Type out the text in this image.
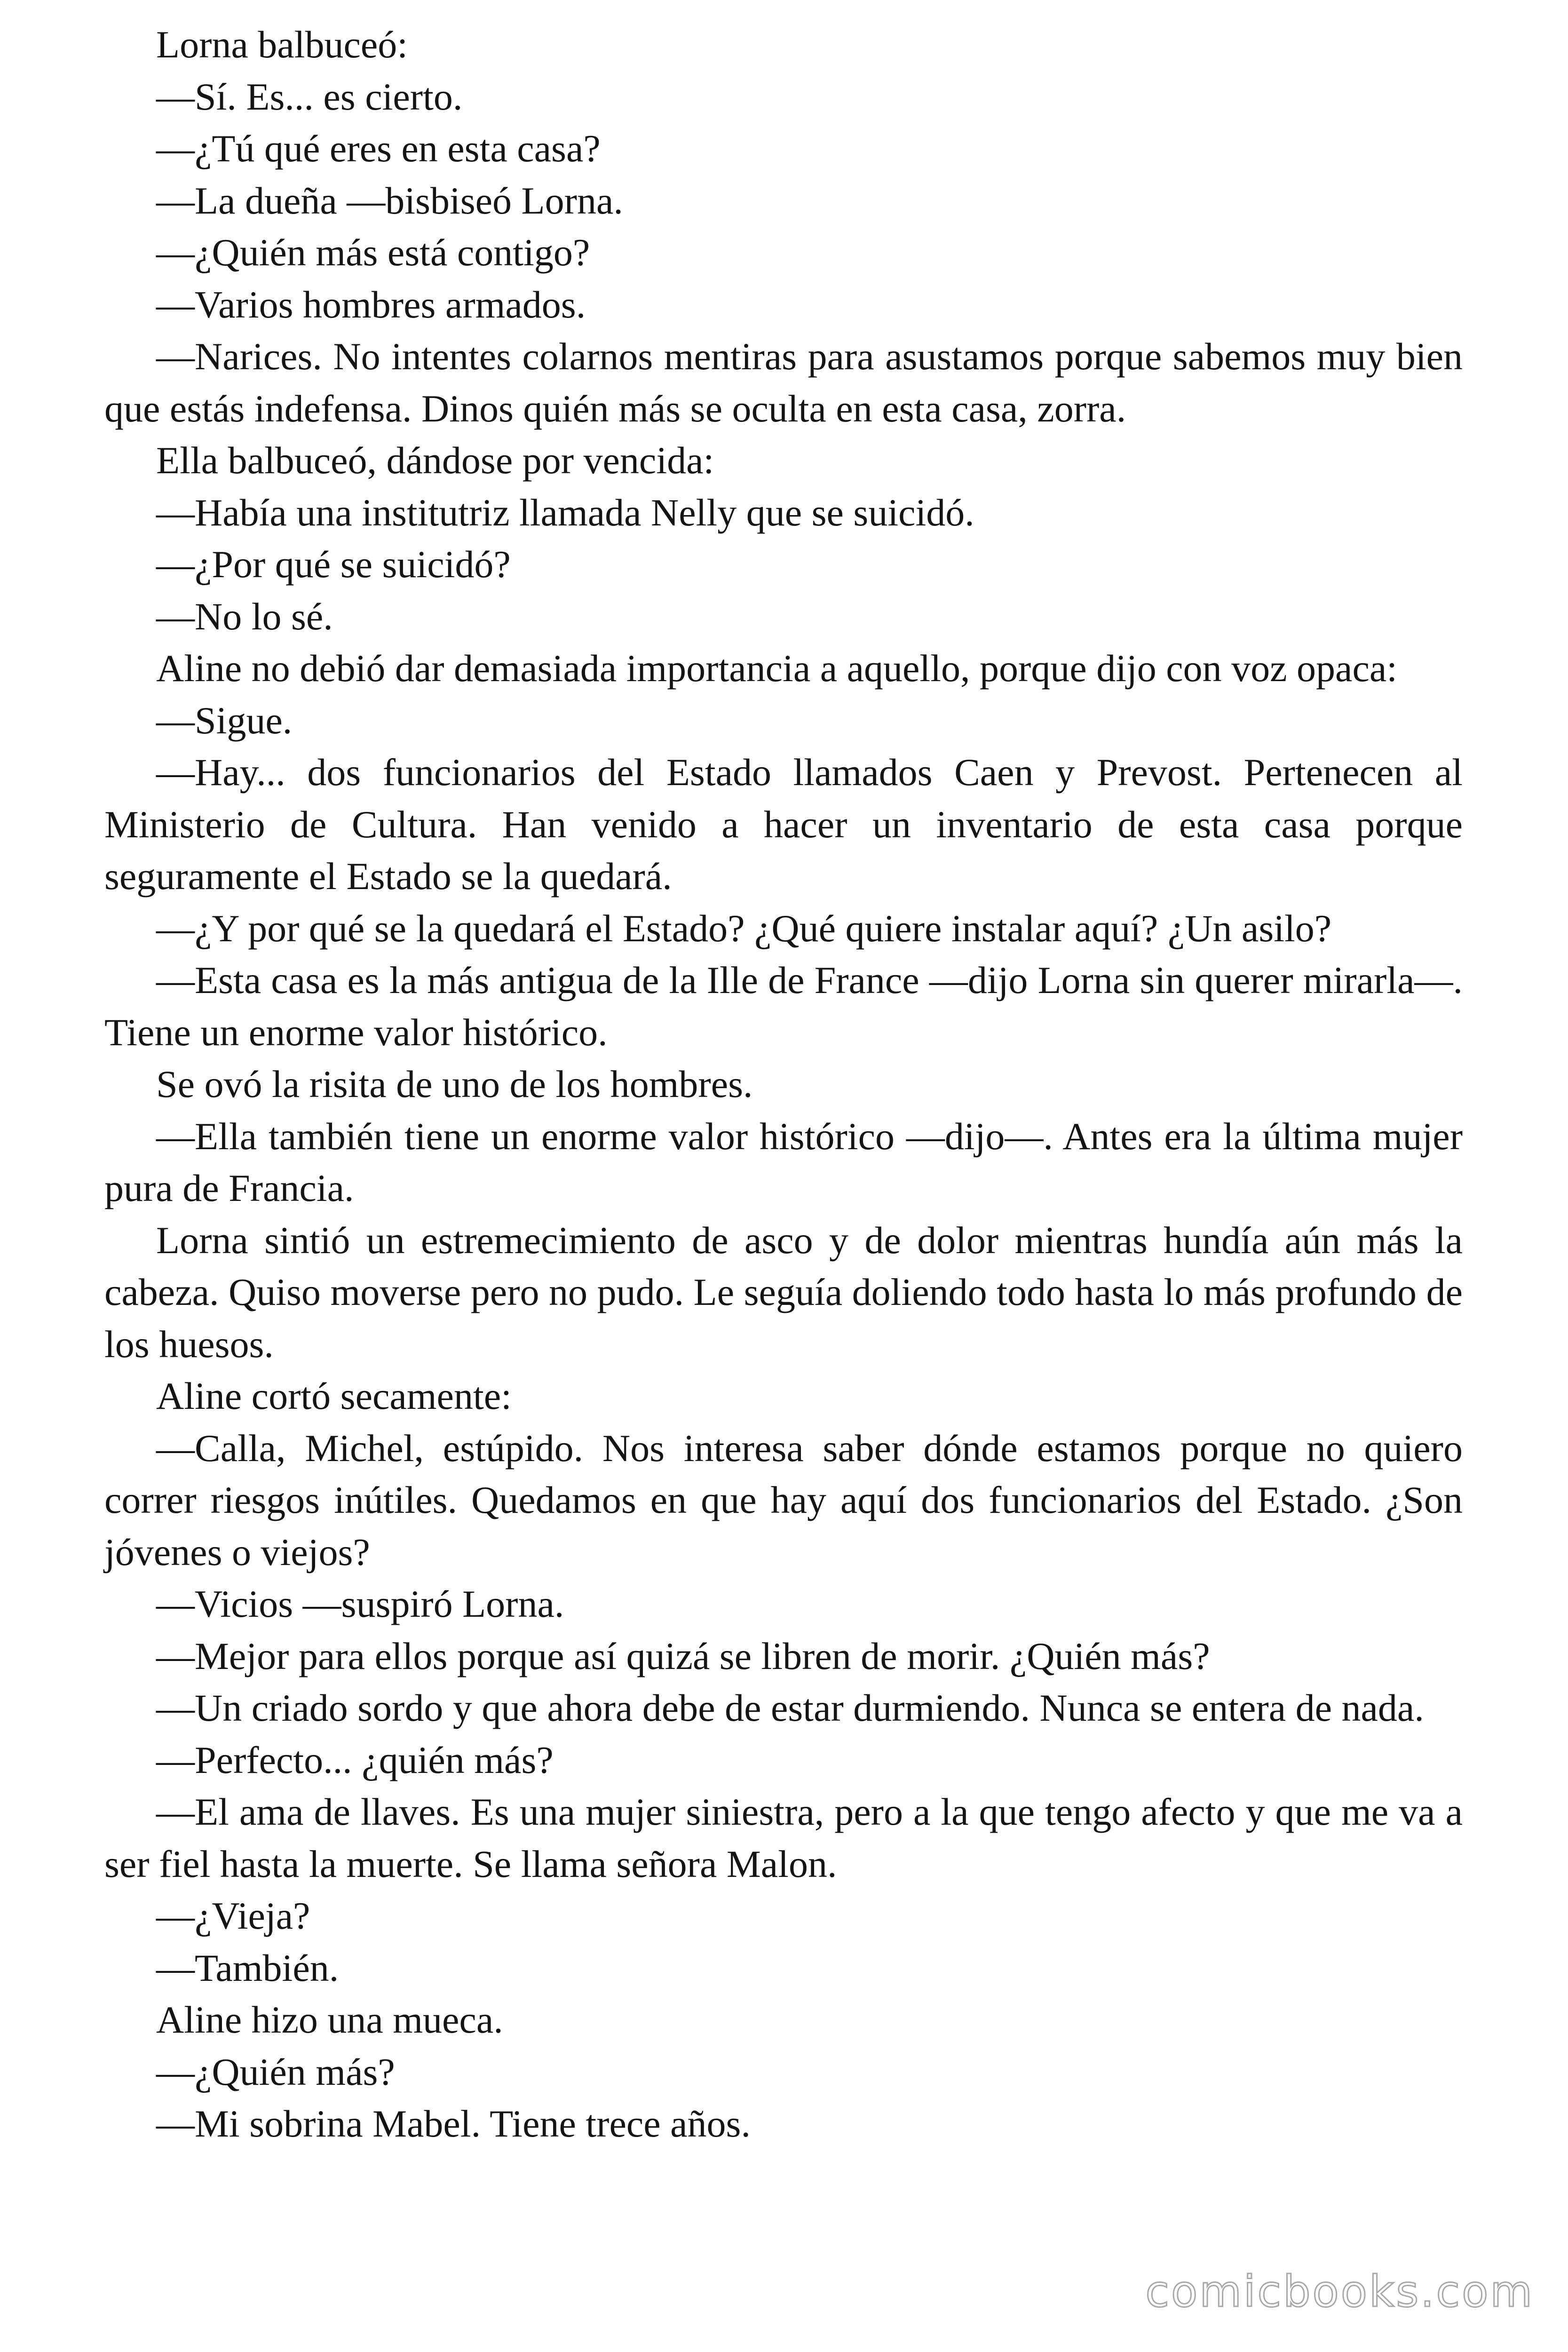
Lorna balbuceó:

—Sí. Es... es cierto.

—¿Tú qué eres en esta casa?

—La dueña —bisbiseó Lorna.

—¿Quién más está contigo?

—Varios hombres armados.

—Narices. No intentes colarnos mentiras para asustamos porque sabemos muy bien que estás indefensa. Dinos quién más se oculta en esta casa, zorra.

Ella balbuceó, dándose por vencida:

—Había una institutriz llamada Nelly que se suicidó.

—¿Por qué se suicidó?

—No lo sé.

Aline no debió dar demasiada importancia a aquello, porque dijo con voz opaca:

—Sigue.

—Hay... dos funcionarios del Estado llamados Caen y Prevost. Pertenecen al Ministerio de Cultura. Han venido a hacer un inventario de esta casa porque seguramente el Estado se la quedará.

—¿Y por qué se la quedará el Estado? ¿Qué quiere instalar aquí? ¿Un asilo?

—Esta casa es la más antigua de la Ille de France —dijo Lorna sin querer mirarla—. Tiene un enorme valor histórico.

Se ovó la risita de uno de los hombres.

—Ella también tiene un enorme valor histórico —dijo—. Antes era la última mujer pura de Francia.

Lorna sintió un estremecimiento de asco y de dolor mientras hundía aún más la cabeza. Quiso moverse pero no pudo. Le seguía doliendo todo hasta lo más profundo de los huesos.

Aline cortó secamente:

—Calla, Michel, estúpido. Nos interesa saber dónde estamos porque no quiero correr riesgos inútiles. Quedamos en que hay aquí dos funcionarios del Estado. ¿Son jóvenes o viejos?

—Vicios —suspiró Lorna.

—Mejor para ellos porque así quizá se libren de morir. ¿Quién más?

—Un criado sordo y que ahora debe de estar durmiendo. Nunca se entera de nada.

—Perfecto... ¿quién más?

—El ama de llaves. Es una mujer siniestra, pero a la que tengo afecto y que me va a ser fiel hasta la muerte. Se llama señora Malon.

—¿Vieja?

—También.

Aline hizo una mueca.

—¿Quién más?

—Mi sobrina Mabel. Tiene trece años.

comicbooks.com
